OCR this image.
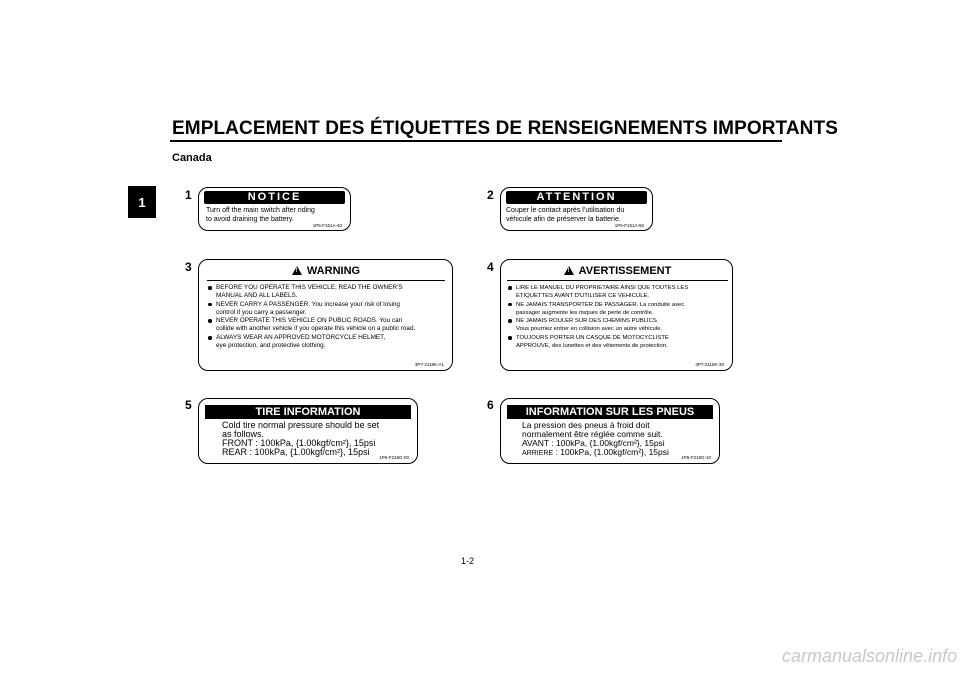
EMPLACEMENT DES ÉTIQUETTES DE RENSEIGNEMENTS IMPORTANTS
Canada
1	1	NOTICE
Turn off the main switch after riding
to avoid draining the battery.
1P6-F151A-40
2	ATTENTION
Couper le contact après l’utilisation du
véhicule afin de préserver la batterie.
1P6-F151A-50
3 !	WARNING
BEFORE YOU OPERATE THIS VEHICLE, READ THE OWNER'S
MANUAL AND ALL LABELS.
NEVER CARRY A PASSENGER. You increase your risk of losing
control if you carry a passenger.
NEVER OPERATE THIS VEHICLE ON PUBLIC ROADS. You can
collide with another vehicle if you operate this vehicle on a public road.
ALWAYS WEAR AN APPROVED MOTORCYCLE HELMET,
eye protection, and protective clothing.
3P7-2118K-A1
4 !	AVERTISSEMENT
LIRE LE MANUEL DU PROPRIETAIRE AINSI QUE TOUTES LES
ETIQUETTES AVANT D'UTILISER CE VEHICULE.
NE JAMAIS TRANSPORTER DE PASSAGER. La conduite avec
passager augmente les risques de perte de contrôle.
NE JAMAIS ROULER SUR DES CHEMINS PUBLICS.
Vous pourriez entrer en collision avec un autre véhicule.
TOUJOURS PORTER UN CASQUE DE MOTOCYCLISTE
APPROUVE, des lunettes et des vêtements de protection.
3P7-2118K-30
5	TIRE INFORMATION
Cold tire normal pressure should be set
as follows.
FRONT : 100kPa, {1.00kgf/cm²}, 15psi
REAR : 100kPa, {1.00kgf/cm²}, 15psi
1P6-F218G-00
6	INFORMATION SUR LES PNEUS
La pression des pneus à froid doit
normalement être réglée comme suit.
AVANT : 100kPa, {1.00kgf/cm²}, 15psi
ARRIERE : 100kPa, {1.00kgf/cm²}, 15psi
1P6-F218G-10
1-2
carmanualsonline.info
